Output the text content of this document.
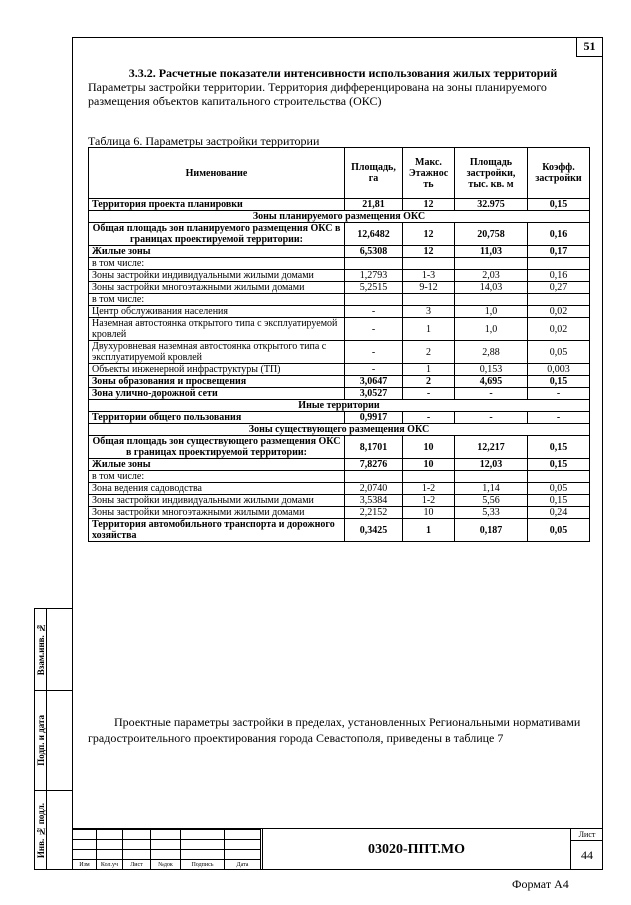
51
3.3.2. Расчетные показатели интенсивности использования жилых территорий
Параметры застройки территории. Территория дифференцирована на зоны планируемого размещения объектов капитального строительства (ОКС)
Таблица 6. Параметры застройки территории
Нименование	Площадь, га	Макс. Этажнос ть	Площадь застройки, тыс. кв. м	Коэфф. застройки
Территория проекта планировки	21,81	12	32.975	0,15
Зоны планируемого размещения ОКС				
Общая площадь зон планируемого размещения ОКС в границах проектируемой территории:	12,6482	12	20,758	0,16
Жилые зоны	6,5308	12	11,03	0,17
в том числе:				
Зоны застройки индивидуальными жилыми домами	1,2793	1-3	2,03	0,16
Зоны застройки многоэтажными жилыми домами	5,2515	9-12	14,03	0,27
в том числе:				
Центр обслуживания населения	-	3	1,0	0,02
Наземная автостоянка открытого типа с эксплуатируемой кровлей	-	1	1,0	0,02
Двухуровневая наземная автостоянка открытого типа с эксплуатируемой кровлей	-	2	2,88	0,05
Объекты инженерной инфраструктуры (ТП)	-	1	0,153	0,003
Зоны образования и просвещения	3,0647	2	4,695	0,15
Зона улично-дорожной сети	3,0527	-	-	-
Иные территории				
Территории общего пользования	0,9917	-	-	-
Зоны существующего размещения ОКС				
Общая площадь зон существующего размещения ОКС в границах проектируемой территории:	8,1701	10	12,217	0,15
Жилые зоны	7,8276	10	12,03	0,15
в том числе:				
Зона ведения садоводства	2,0740	1-2	1,14	0,05
Зоны застройки индивидуальными жилыми домами	3,5384	1-2	5,56	0,15
Зоны застройки многоэтажными жилыми домами	2,2152	10	5,33	0,24
Территория автомобильного транспорта и дорожного хозяйства	0,3425	1	0,187	0,05
Проектные параметры застройки в пределах, установленных Региональными нормативами градостроительного проектирования города Севастополя, приведены в таблице 7
Взам.инв. №
Подп. и дата
Инв. № подл.

Изм	Кол.уч	Лист	№док	Подпись	Дата
03020-ППТ.МО
Лист
44
Формат А4
